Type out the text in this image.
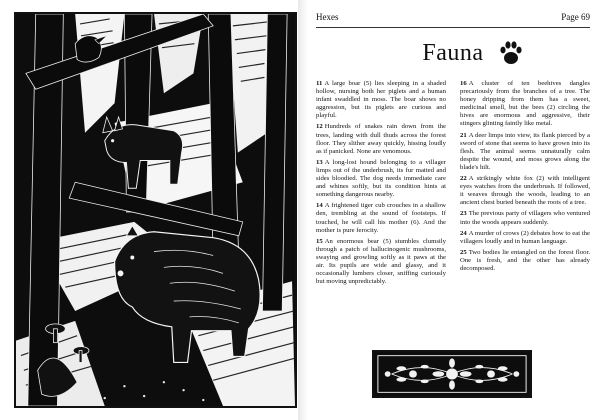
Hexes	Page 69
Fauna

11 A large boar (5) lies sleeping in a shaded hollow, nursing both her piglets and a human infant swaddled in moss. The boar shows no aggression, but its piglets are curious and playful.

12 Hundreds of snakes rain down from the trees, landing with dull thuds across the forest floor. They slither away quickly, hissing loudly as if panicked. None are venomous.

13 A long-lost hound belonging to a villager limps out of the underbrush, its fur matted and sides bloodied. The dog needs immediate care and whines softly, but its condition hints at something dangerous nearby.

14 A frightened tiger cub crouches in a shallow den, trembling at the sound of footsteps. If touched, he will call his mother (6). And the mother is pure ferocity.

15 An enormous bear (5) stumbles clumsily through a patch of hallucinogenic mushrooms, swaying and growling softly as it paws at the air. Its pupils are wide and glassy, and it occasionally lumbers closer, sniffing curiously but moving unpredictably.

16 A cluster of ten beehives dangles precariously from the branches of a tree. The honey dripping from them has a sweet, medicinal smell, but the bees (2) circling the hives are enormous and aggressive, their stingers glinting faintly like metal.

21 A deer limps into view, its flank pierced by a sword of stone that seems to have grown into its flesh. The animal seems unnaturally calm despite the wound, and moss grows along the blade's hilt.

22 A strikingly white fox (2) with intelligent eyes watches from the underbrush. If followed, it weaves through the woods, leading to an ancient chest buried beneath the roots of a tree.

23 The previous party of villagers who ventured into the woods appears suddenly.

24 A murder of crows (2) debates how to eat the villagers loudly and in human language.

25 Two bodies lie entangled on the forest floor. One is fresh, and the other has already decomposed.
